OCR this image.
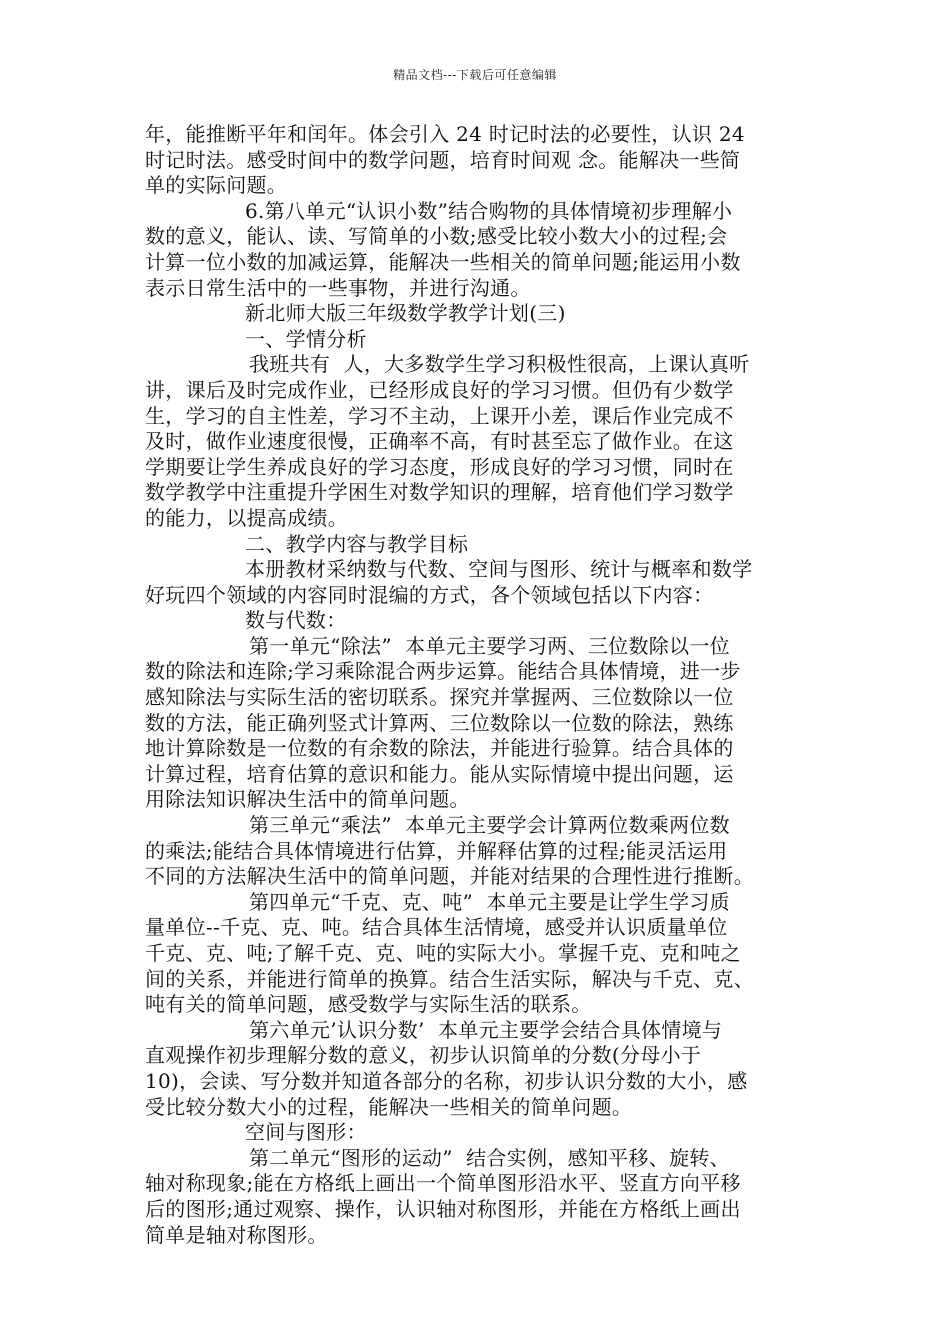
精品文档---下载后可任意编辑
年，能推断平年和闰年。体会引入 24 时记时法的必要性，认识 24
时记时法。感受时间中的数学问题，培育时间观 念。能解决一些简
单的实际问题。
6.第八单元“认识小数”结合购物的具体情境初步理解小
数的意义，能认、读、写简单的小数;感受比较小数大小的过程;会
计算一位小数的加减运算，能解决一些相关的简单问题;能运用小数
表示日常生活中的一些事物，并进行沟通。
新北师大版三年级数学教学计划(三)
一、学情分析
我班共有  人，大多数学生学习积极性很高，上课认真听
讲，课后及时完成作业，已经形成良好的学习习惯。但仍有少数学
生，学习的自主性差，学习不主动，上课开小差，课后作业完成不
及时，做作业速度很慢，正确率不高，有时甚至忘了做作业。在这
学期要让学生养成良好的学习态度，形成良好的学习习惯，同时在
数学教学中注重提升学困生对数学知识的理解，培育他们学习数学
的能力，以提高成绩。
二、教学内容与教学目标
本册教材采纳数与代数、空间与图形、统计与概率和数学
好玩四个领域的内容同时混编的方式，各个领域包括以下内容：
数与代数：
第一单元“除法”  本单元主要学习两、三位数除以一位
数的除法和连除;学习乘除混合两步运算。能结合具体情境，进一步
感知除法与实际生活的密切联系。探究并掌握两、三位数除以一位
数的方法，能正确列竖式计算两、三位数除以一位数的除法，熟练
地计算除数是一位数的有余数的除法，并能进行验算。结合具体的
计算过程，培育估算的意识和能力。能从实际情境中提出问题，运
用除法知识解决生活中的简单问题。
第三单元“乘法”  本单元主要学会计算两位数乘两位数
的乘法;能结合具体情境进行估算，并解释估算的过程;能灵活运用
不同的方法解决生活中的简单问题，并能对结果的合理性进行推断。
第四单元“千克、克、吨”  本单元主要是让学生学习质
量单位--千克、克、吨。结合具体生活情境，感受并认识质量单位
千克、克、吨;了解千克、克、吨的实际大小。掌握千克、克和吨之
间的关系，并能进行简单的换算。结合生活实际，解决与千克、克、
吨有关的简单问题，感受数学与实际生活的联系。
第六单元’认识分数’  本单元主要学会结合具体情境与
直观操作初步理解分数的意义，初步认识简单的分数(分母小于
10)，会读、写分数并知道各部分的名称，初步认识分数的大小，感
受比较分数大小的过程，能解决一些相关的简单问题。
空间与图形：
第二单元“图形的运动”  结合实例，感知平移、旋转、
轴对称现象;能在方格纸上画出一个简单图形沿水平、竖直方向平移
后的图形;通过观察、操作，认识轴对称图形，并能在方格纸上画出
简单是轴对称图形。
